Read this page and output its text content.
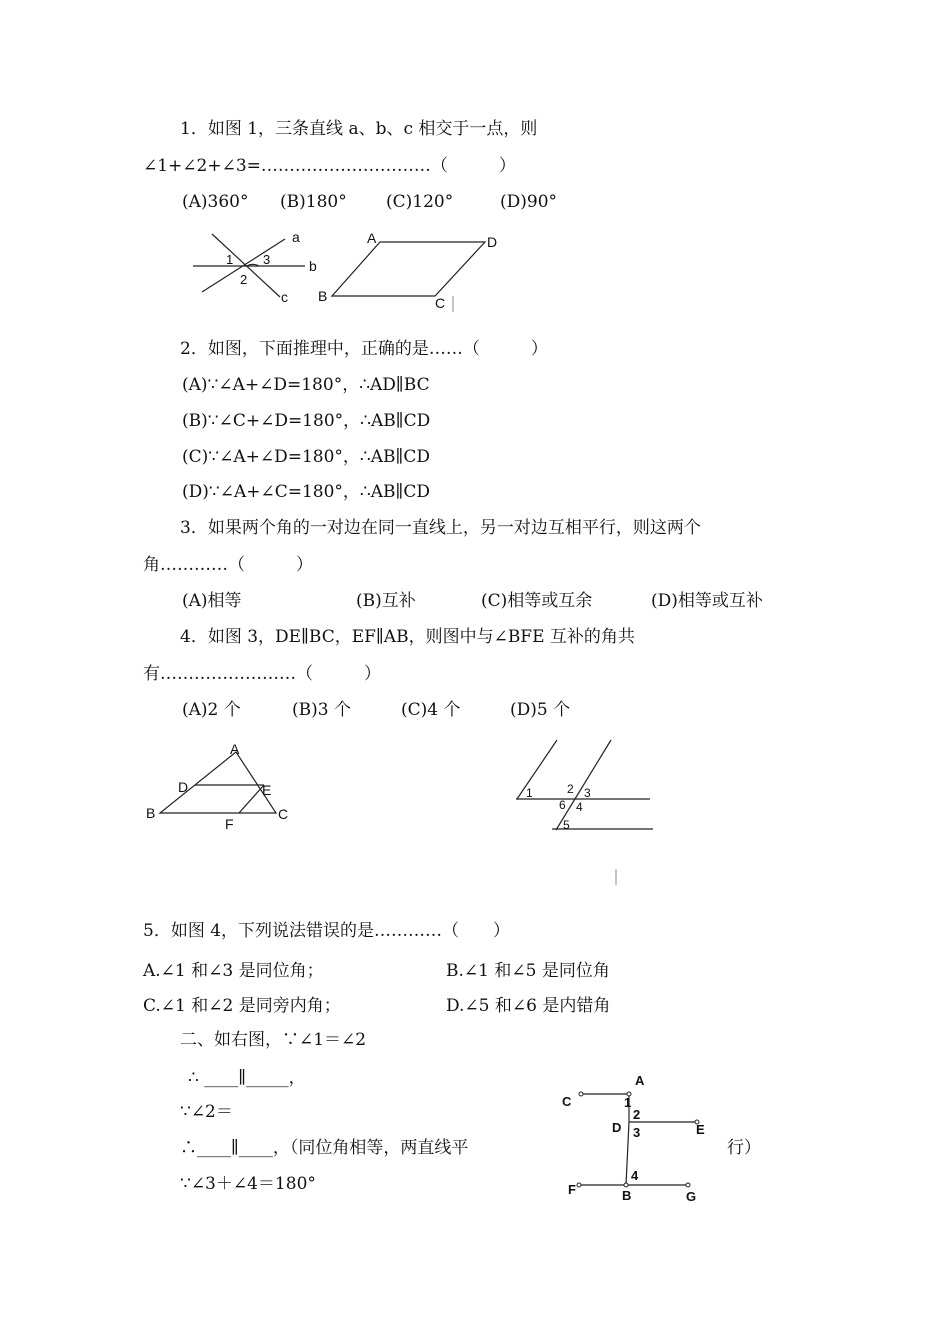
1．如图 1，三条直线 a、b、c 相交于一点，则
∠1+∠2+∠3=…………………………（　　　）
(A)360° (B)180° (C)120°	(D)90°
a
b
c
1
2
3
A
B	C
D
2．如图，下面推理中，正确的是……（　　　）
(A)∵∠A+∠D=180°，∴AD∥BC
(B)∵∠C+∠D=180°，∴AB∥CD
(C)∵∠A+∠D=180°，∴AB∥CD
(D)∵∠A+∠C=180°，∴AB∥CD
3．如果两个角的一对边在同一直线上，另一对边互相平行，则这两个
角…………（　　　）
(A)相等	(B)互补	(C)相等或互余	(D)相等或互补
4．如图 3，DE∥BC，EF∥AB，则图中与∠BFE 互补的角共
有……………………（　　　）
(A)2 个	(B)3 个	(C)4 个	(D)5 个
A
B	C
D	E
F
1	2 3
4
5
6
5．如图 4，下列说法错误的是…………（　　）
A.∠1 和∠3 是同位角；	B.∠1 和∠5 是同位角
C.∠1 和∠2 是同旁内角；	D.∠5 和∠6 是内错角
二、如右图，∵∠1＝∠2
∴ ____∥_____，
∵∠2＝
∴____∥____，（同位角相等，两直线平	行）
∵∠3＋∠4＝180°
A
C	1
2
D 3	E
4
F	B	G
